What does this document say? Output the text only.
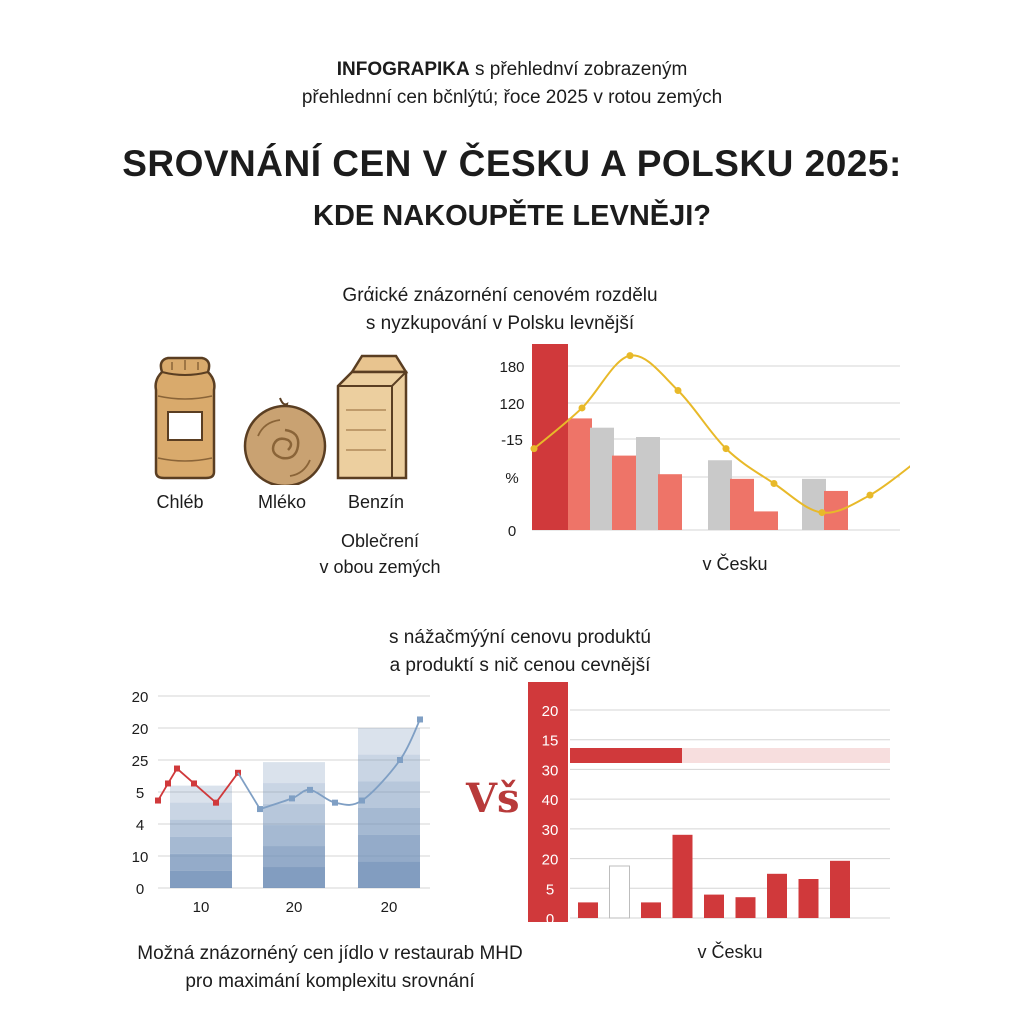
INFOGRAPIKA s přehlednví zobrazeným
přehlednní cen bčnlýtú; řoce 2025 v rotou zemých
SROVNÁNÍ CEN V ČESKU A POLSKU 2025:
KDE NAKOUPĚTE LEVNĚJI?
Grάické znázornéní cenovém rozdělu
s nyzkupování v Polsku levnější
Chléb	Mléko	Benzín
Oblečrení
v obou zemých
180
120
-15
%
0
v Česku
s nážačmýýní cenovu produktú
a produktí s nič cenou cevnější
20
20
25
5
4
10
0
10	20	20
Vš
20
15
30
40
30
20
5
0
v Česku
Možná znázornéný cen jídlo v restaurab MHD
pro maximání komplexitu srovnání
